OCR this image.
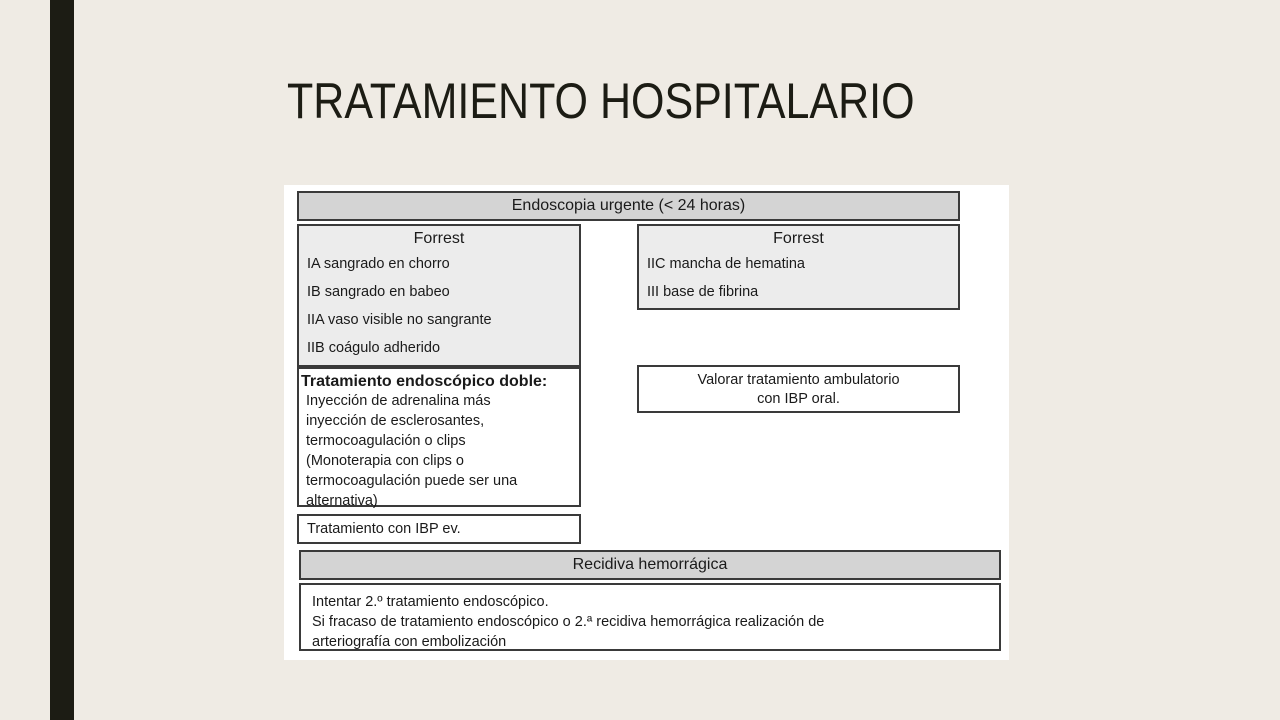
TRATAMIENTO HOSPITALARIO
Endoscopia urgente (< 24 horas)
Forrest
IA sangrado en chorro
IB sangrado en babeo
IIA vaso visible no sangrante
IIB coágulo adherido
Forrest
IIC mancha de hematina
III base de fibrina
Tratamiento endoscópico doble:
Inyección de adrenalina más
inyección de esclerosantes,
termocoagulación o clips
(Monoterapia con clips o
termocoagulación puede ser una
alternativa)
Valorar tratamiento ambulatorio
con IBP oral.
Tratamiento con IBP ev.
Recidiva hemorrágica
Intentar 2.º tratamiento endoscópico.
Si fracaso de tratamiento endoscópico o 2.ª recidiva hemorrágica realización de
arteriografía con embolización
